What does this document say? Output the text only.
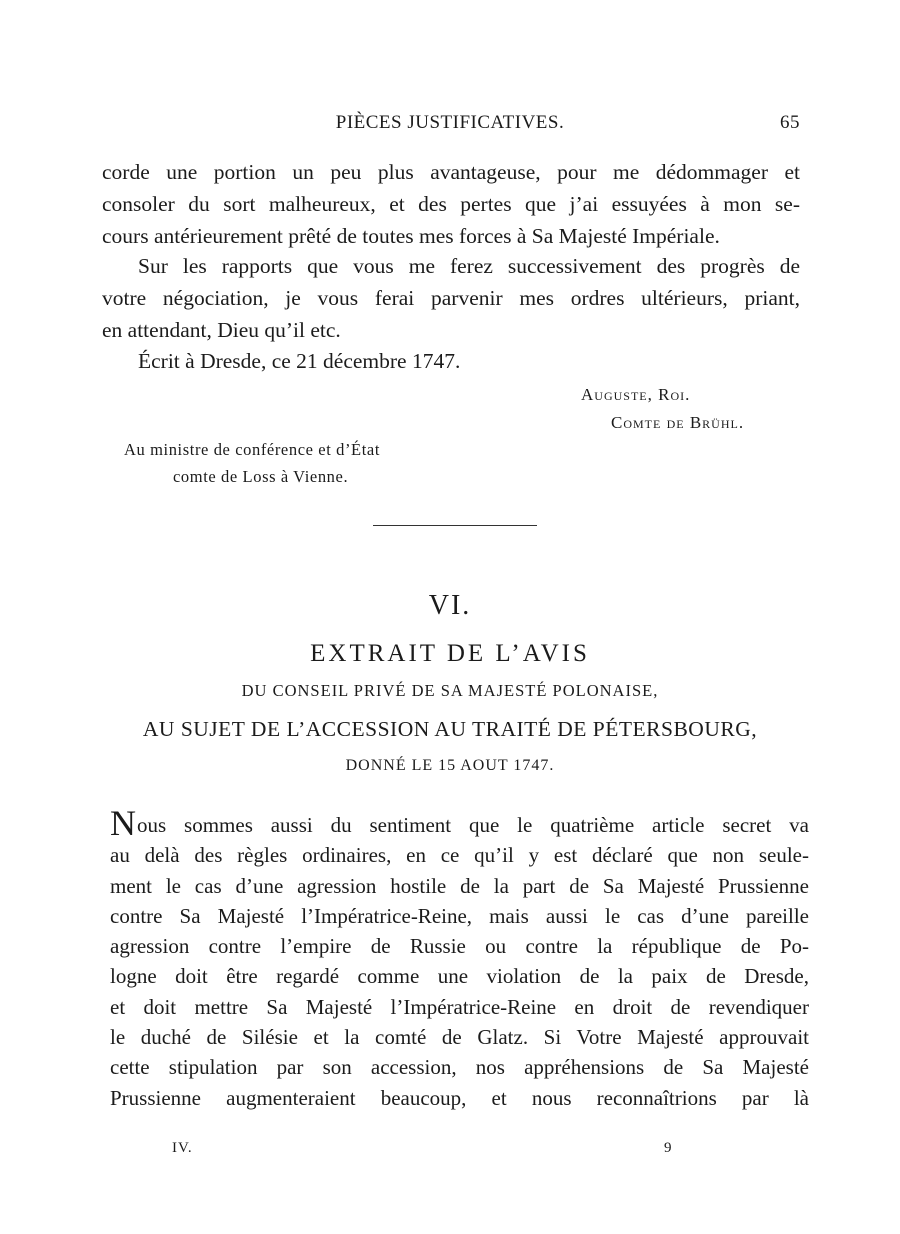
PIÈCES JUSTIFICATIVES.	65
corde une portion un peu plus avantageuse, pour me dédommager et
consoler du sort malheureux, et des pertes que j’ai essuyées à mon se-
cours antérieurement prêté de toutes mes forces à Sa Majesté Impériale.
Sur les rapports que vous me ferez successivement des progrès de
votre négociation, je vous ferai parvenir mes ordres ultérieurs, priant,
en attendant, Dieu qu’il etc.
Écrit à Dresde, ce 21 décembre 1747.
Auguste, Roi.
Comte de Brühl.
Au ministre de conférence et d’État
comte de Loss à Vienne.
VI.
EXTRAIT DE L’AVIS
DU CONSEIL PRIVÉ DE SA MAJESTÉ POLONAISE,
AU SUJET DE L’ACCESSION AU TRAITÉ DE PÉTERSBOURG,
DONNÉ LE 15 AOUT 1747.
Nous sommes aussi du sentiment que le quatrième article secret va
au delà des règles ordinaires, en ce qu’il y est déclaré que non seule-
ment le cas d’une agression hostile de la part de Sa Majesté Prussienne
contre Sa Majesté l’Impératrice-Reine, mais aussi le cas d’une pareille
agression contre l’empire de Russie ou contre la république de Po-
logne doit être regardé comme une violation de la paix de Dresde,
et doit mettre Sa Majesté l’Impératrice-Reine en droit de revendiquer
le duché de Silésie et la comté de Glatz. Si Votre Majesté approuvait
cette stipulation par son accession, nos appréhensions de Sa Majesté
Prussienne augmenteraient beaucoup, et nous reconnaîtrions par là
IV.	9
